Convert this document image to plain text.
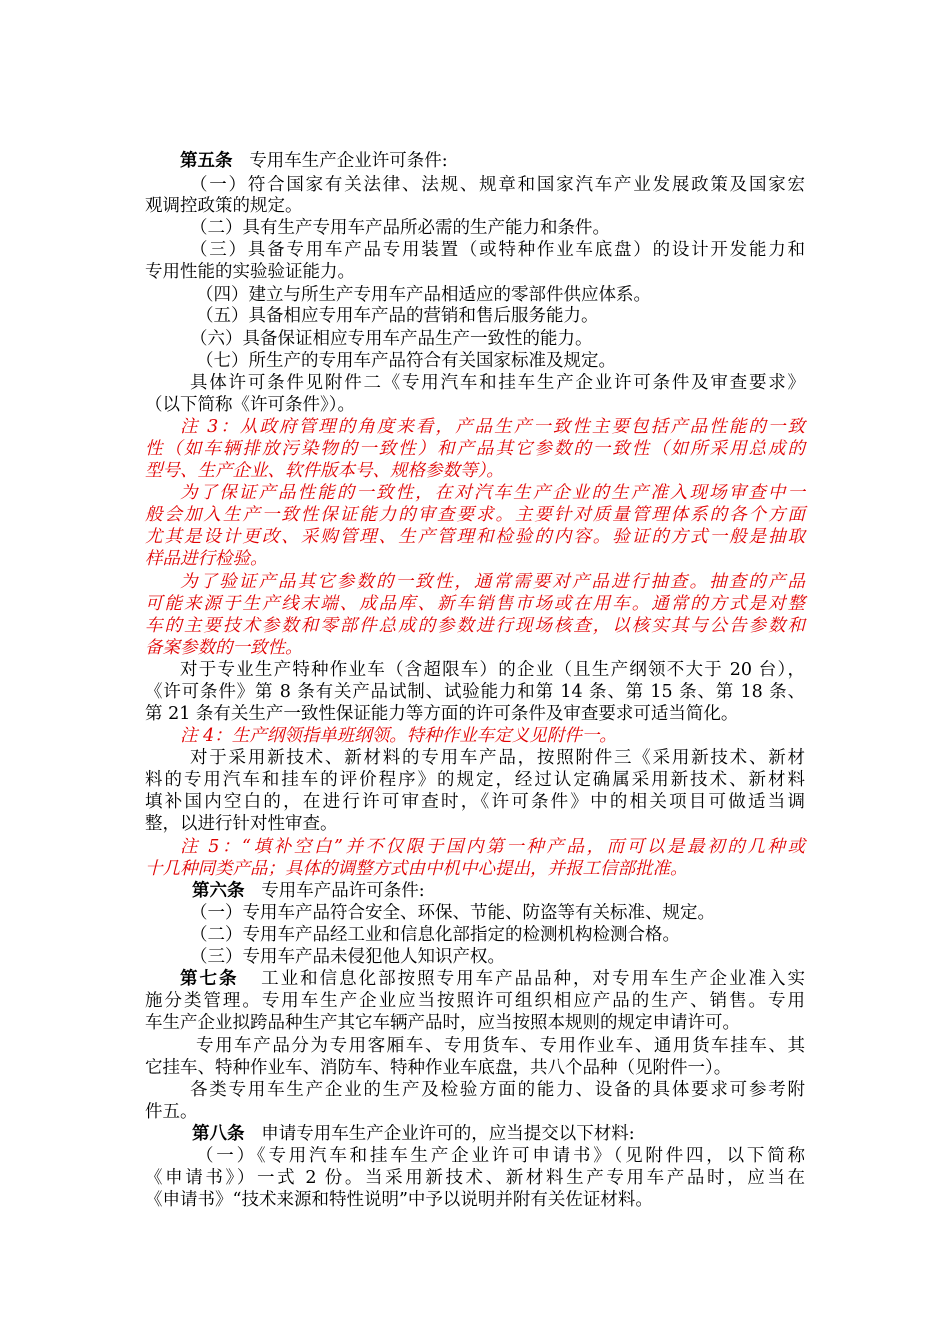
第五条 专用车生产企业许可条件:
（一）符合国家有关法律、法规、规章和国家汽车产业发展政策及国家宏
观调控政策的规定。
（二）具有生产专用车产品所必需的生产能力和条件。
（三）具备专用车产品专用装置（或特种作业车底盘）的设计开发能力和
专用性能的实验验证能力。
（四）建立与所生产专用车产品相适应的零部件供应体系。
（五）具备相应专用车产品的营销和售后服务能力。
（六）具备保证相应专用车产品生产一致性的能力。
（七）所生产的专用车产品符合有关国家标准及规定。
具体许可条件见附件二《专用汽车和挂车生产企业许可条件及审查要求》
（以下简称《许可条件》）。
注 3：从政府管理的角度来看，产品生产一致性主要包括产品性能的一致
性（如车辆排放污染物的一致性）和产品其它参数的一致性（如所采用总成的
型号、生产企业、软件版本号、规格参数等）。
为了保证产品性能的一致性，在对汽车生产企业的生产准入现场审查中一
般会加入生产一致性保证能力的审查要求。主要针对质量管理体系的各个方面
尤其是设计更改、采购管理、生产管理和检验的内容。验证的方式一般是抽取
样品进行检验。
为了验证产品其它参数的一致性，通常需要对产品进行抽查。抽查的产品
可能来源于生产线末端、成品库、新车销售市场或在用车。通常的方式是对整
车的主要技术参数和零部件总成的参数进行现场核查，以核实其与公告参数和
备案参数的一致性。
对于专业生产特种作业车（含超限车）的企业（且生产纲领不大于 20 台），
《许可条件》第 8 条有关产品试制、试验能力和第 14 条、第 15 条、第 18 条、
第 21 条有关生产一致性保证能力等方面的许可条件及审查要求可适当简化。
注 4：生产纲领指单班纲领。特种作业车定义见附件一。
对于采用新技术、新材料的专用车产品，按照附件三《采用新技术、新材
料的专用汽车和挂车的评价程序》的规定，经过认定确属采用新技术、新材料
填补国内空白的，在进行许可审查时，《许可条件》中的相关项目可做适当调
整，以进行针对性审查。
注 5：“填补空白”并不仅限于国内第一种产品，而可以是最初的几种或
十几种同类产品；具体的调整方式由中机中心提出，并报工信部批准。
第六条 专用车产品许可条件:
（一）专用车产品符合安全、环保、节能、防盗等有关标准、规定。
（二）专用车产品经工业和信息化部指定的检测机构检测合格。
（三）专用车产品未侵犯他人知识产权。
第七条 工业和信息化部按照专用车产品品种，对专用车生产企业准入实
施分类管理。专用车生产企业应当按照许可组织相应产品的生产、销售。专用
车生产企业拟跨品种生产其它车辆产品时，应当按照本规则的规定申请许可。
专用车产品分为专用客厢车、专用货车、专用作业车、通用货车挂车、其
它挂车、特种作业车、消防车、特种作业车底盘，共八个品种（见附件一）。
各类专用车生产企业的生产及检验方面的能力、设备的具体要求可参考附
件五。
第八条 申请专用车生产企业许可的，应当提交以下材料:
（一）《专用汽车和挂车生产企业许可申请书》（见附件四，以下简称
《申请书》）一式 2 份。当采用新技术、新材料生产专用车产品时，应当在
《申请书》“技术来源和特性说明”中予以说明并附有关佐证材料。
